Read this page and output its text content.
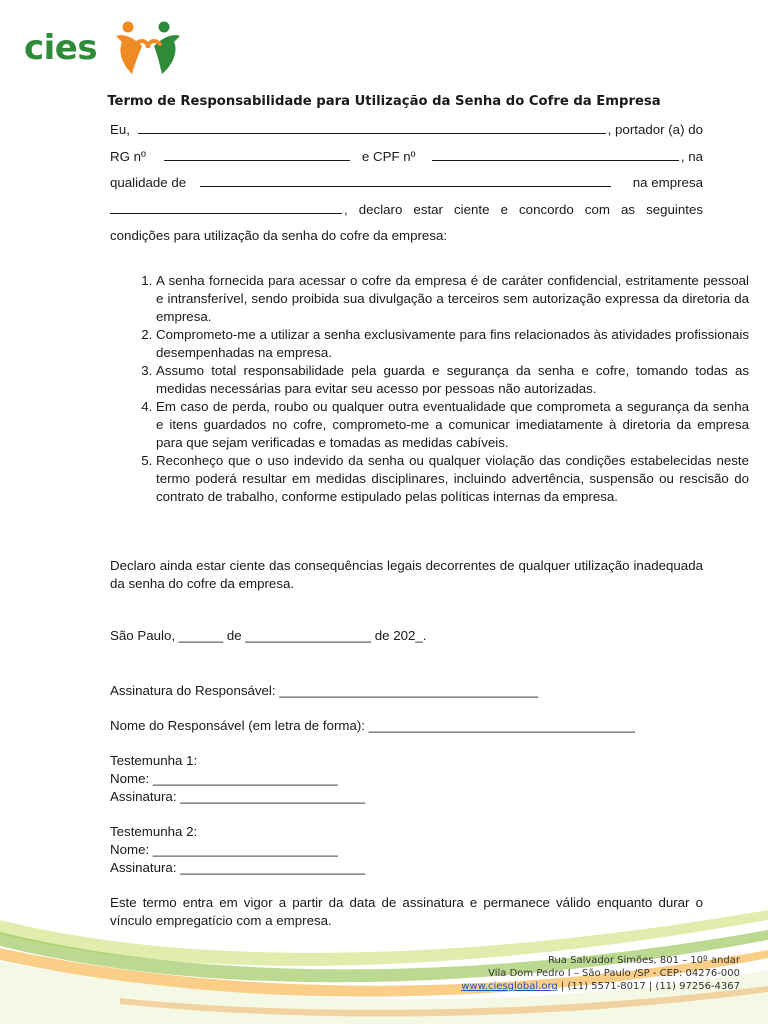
cies
Termo de Responsabilidade para Utilização da Senha do Cofre da Empresa
Eu,	, portador (a) do
RG nº	e CPF nº	, na
qualidade de	na empresa
, declaro estar ciente e concordo com as seguintes
condições para utilização da senha do cofre da empresa:
1. A senha fornecida para acessar o cofre da empresa é de caráter confidencial, estritamente pessoal e intransferível, sendo proibida sua divulgação a terceiros sem autorização expressa da diretoria da empresa.
2. Comprometo-me a utilizar a senha exclusivamente para fins relacionados às atividades profissionais desempenhadas na empresa.
3. Assumo total responsabilidade pela guarda e segurança da senha e cofre, tomando todas as medidas necessárias para evitar seu acesso por pessoas não autorizadas.
4. Em caso de perda, roubo ou qualquer outra eventualidade que comprometa a segurança da senha e itens guardados no cofre, comprometo-me a comunicar imediatamente à diretoria da empresa para que sejam verificadas e tomadas as medidas cabíveis.
5. Reconheço que o uso indevido da senha ou qualquer violação das condições estabelecidas neste termo poderá resultar em medidas disciplinares, incluindo advertência, suspensão ou rescisão do contrato de trabalho, conforme estipulado pelas políticas internas da empresa.
Declaro ainda estar ciente das consequências legais decorrentes de qualquer utilização inadequada da senha do cofre da empresa.
São Paulo, ______ de _________________ de 202_.
Assinatura do Responsável: ___________________________________
Nome do Responsável (em letra de forma): ____________________________________
Testemunha 1:
Nome: _________________________
Assinatura: _________________________
Testemunha 2:
Nome: _________________________
Assinatura: _________________________
Este termo entra em vigor a partir da data de assinatura e permanece válido enquanto durar o vínculo empregatício com a empresa.
Rua Salvador Simões, 801 – 10º andar
Vila Dom Pedro I – São Paulo /SP - CEP: 04276-000
www.ciesglobal.org | (11) 5571-8017 | (11) 97256-4367
